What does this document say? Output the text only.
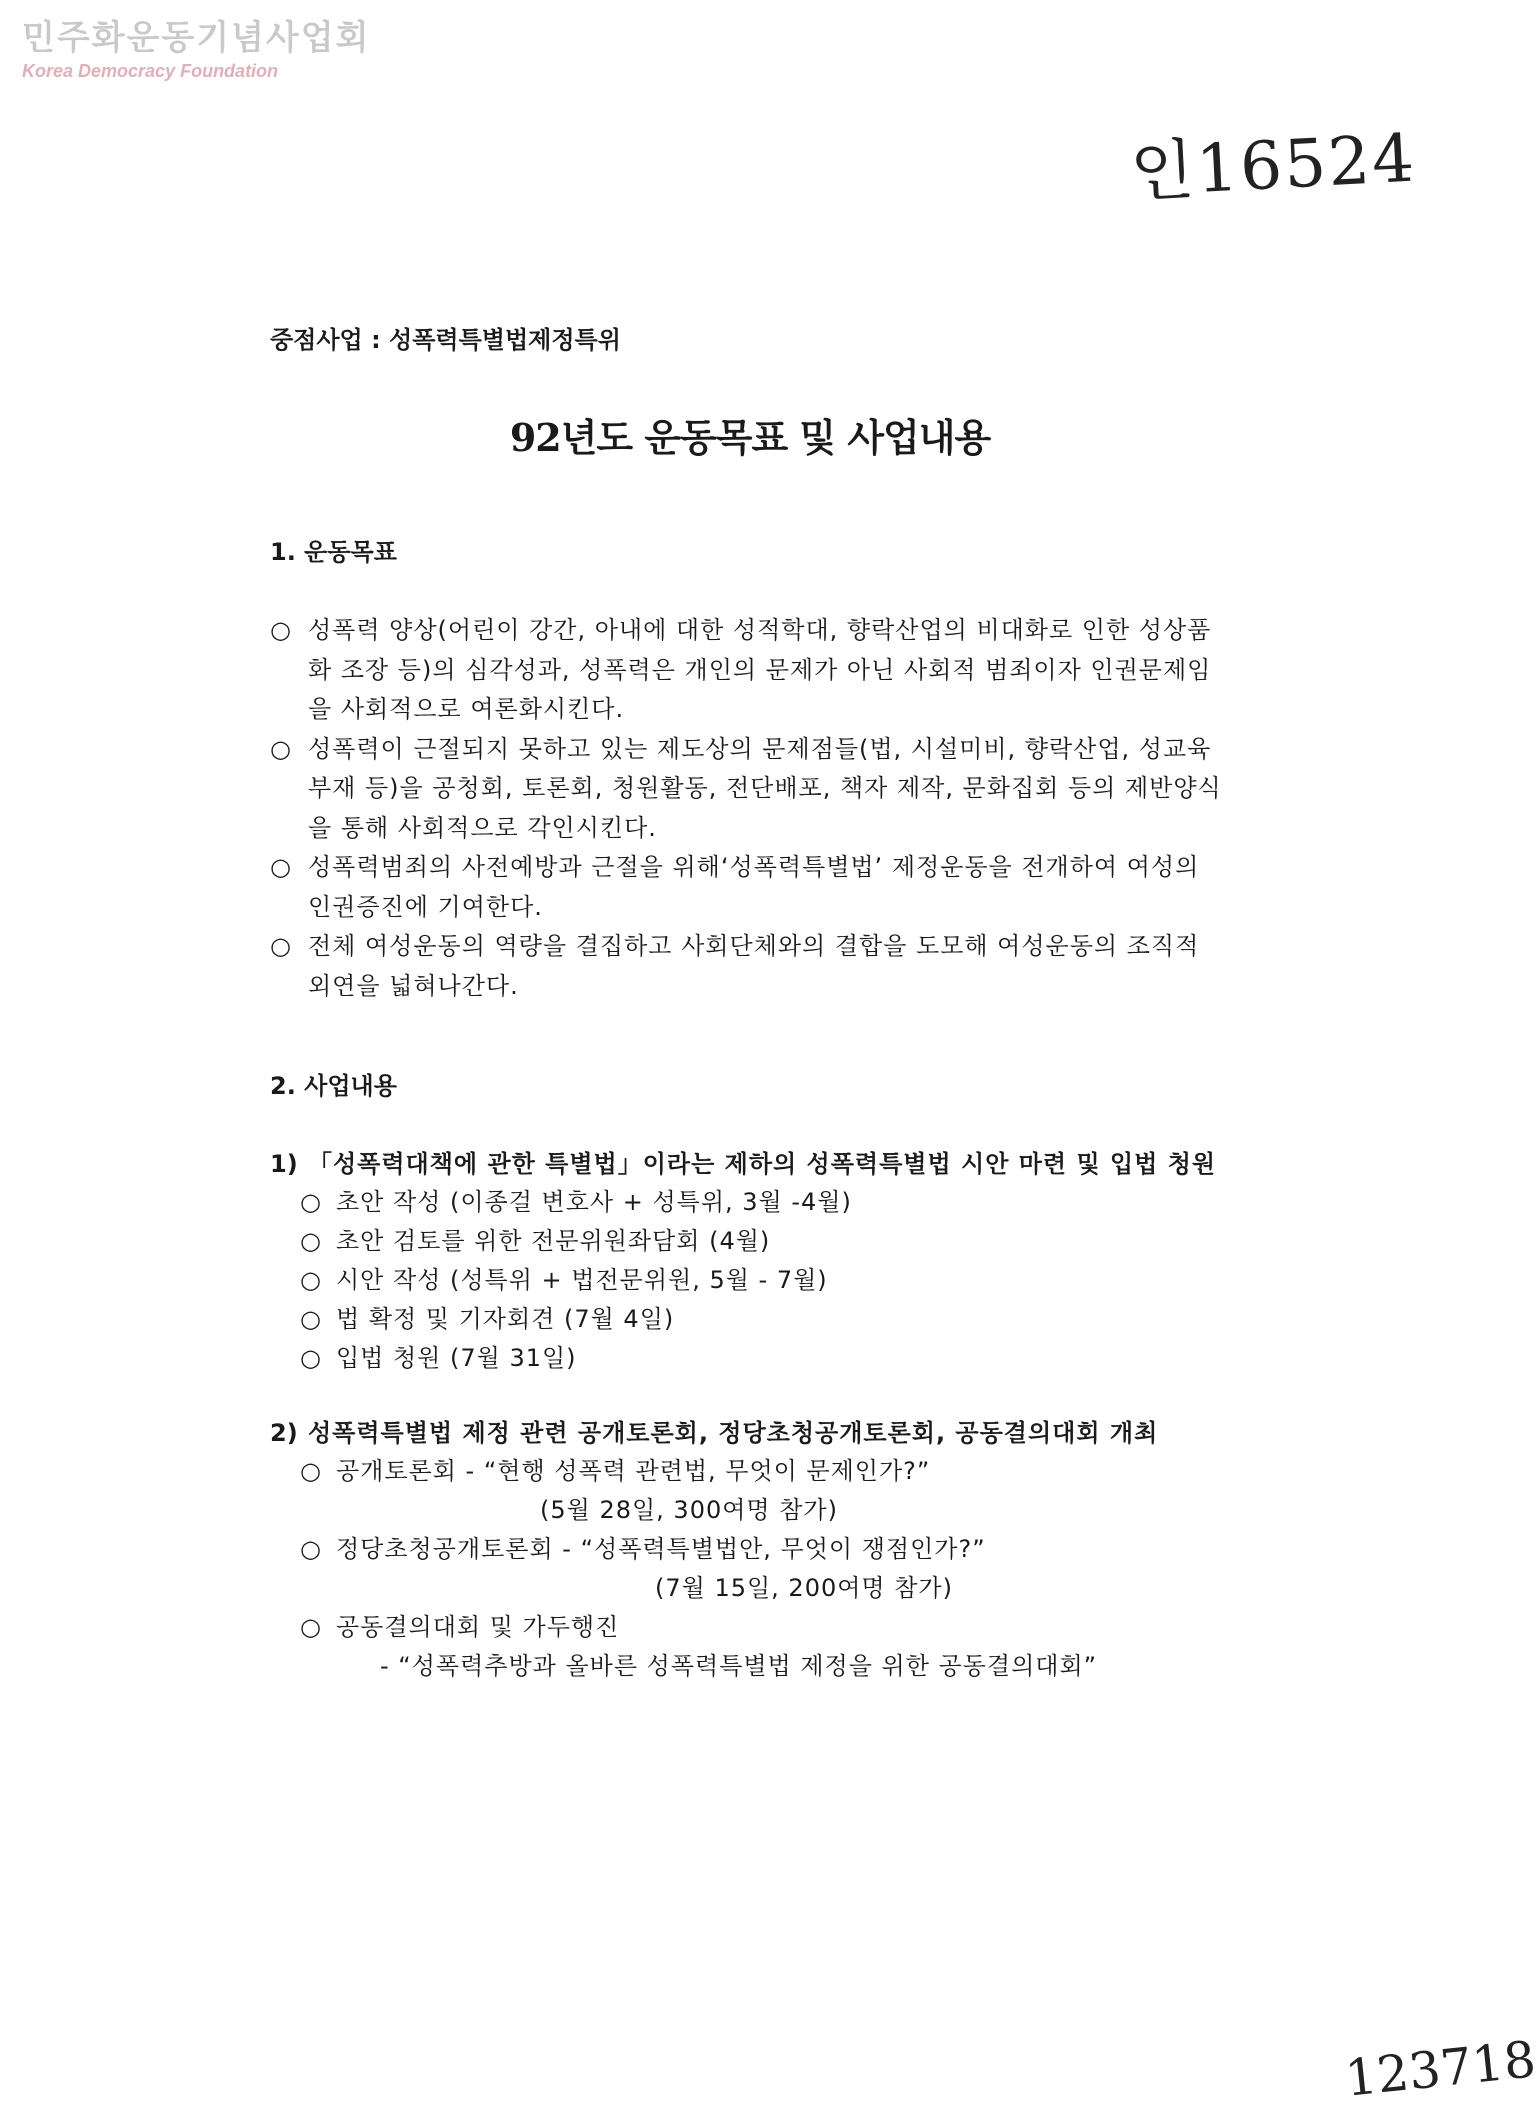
민주화운동기념사업회
Korea Democracy Foundation
인16524
중점사업 : 성폭력특별법제정특위
92년도 운동목표 및 사업내용
1. 운동목표
○ 성폭력 양상(어린이 강간, 아내에 대한 성적학대, 향락산업의 비대화로 인한 성상품화 조장 등)의 심각성과, 성폭력은 개인의 문제가 아닌 사회적 범죄이자 인권문제임을 사회적으로 여론화시킨다.
○ 성폭력이 근절되지 못하고 있는 제도상의 문제점들(법, 시설미비, 향락산업, 성교육 부재 등)을 공청회, 토론회, 청원활동, 전단배포, 책자 제작, 문화집회 등의 제반양식을 통해 사회적으로 각인시킨다.
○ 성폭력범죄의 사전예방과 근절을 위해‘성폭력특별법’ 제정운동을 전개하여 여성의 인권증진에 기여한다.
○ 전체 여성운동의 역량을 결집하고 사회단체와의 결합을 도모해 여성운동의 조직적 외연을 넓혀나간다.
2. 사업내용
1) 「성폭력대책에 관한 특별법」이라는 제하의 성폭력특별법 시안 마련 및 입법 청원
○ 초안 작성 (이종걸 변호사 + 성특위, 3월 -4월)
○ 초안 검토를 위한 전문위원좌담회 (4월)
○ 시안 작성 (성특위 + 법전문위원, 5월 - 7월)
○ 법 확정 및 기자회견 (7월 4일)
○ 입법 청원 (7월 31일)
2) 성폭력특별법 제정 관련 공개토론회, 정당초청공개토론회, 공동결의대회 개최
○ 공개토론회 - “현행 성폭력 관련법, 무엇이 문제인가?”
(5월 28일, 300여명 참가)
○ 정당초청공개토론회 - “성폭력특별법안, 무엇이 쟁점인가?”
(7월 15일, 200여명 참가)
○ 공동결의대회 및 가두행진
- “성폭력추방과 올바른 성폭력특별법 제정을 위한 공동결의대회”
123718
